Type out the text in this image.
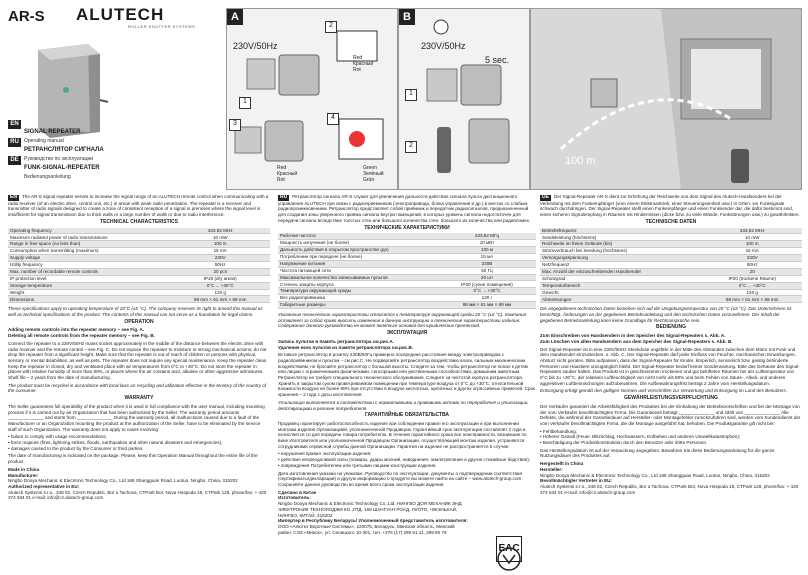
AR-S ALUTECH
ROLLER SHUTTER SYSTEMS
ENSIGNAL REPEATER
Operating manual
RUРЕТРАНСЛЯТОР СИГНАЛА
Руководство по эксплуатации
DEFUNK-SIGNAL-REPEATER
Bedienungsanleitung
A
230V/50Hz
2
1
3
4
Red
Красный
Rot
Red
Красный
Rot
Green
Зелёный
Grün
B
230V/50Hz
5 sec.
1
2
100 m

EN The AR-S signal repeater serves to increase the signal range of an ALUTECH remote control when communicating with a radio receiver (of an electric drive, control unit, etc.) in areas with weak radio penetration. The repeater is a receiver and transmitter of radio signals designed to create a zone of consistent reception of a signal in premises where the signal level is insufficient for signal transmission due to thick walls or a large number of walls or due to radio interference.

TECHNICAL CHARACTERISTICS
Operating frequency	433.92 MHz
Maximum radiated power of radio transmissions	10 mW
Range in free space (no less than)	100 m
Consumption when transmitting (maximum)	15 mA
Supply voltage	230V
Utility frequency	50Hz
Max. number of recordable remote controls	20 pcs
IP protection level	IP20 (dry areas)
Storage temperature	0°C ... +30°C
Weight	120 g
Dimensions	98 mm × 61 mm × 69 mm

These specifications apply to operating temperature of 20°C (±5 °C). The company reserves its right to amend this manual as well as technical specifications of the product. The contents of this manual can not serve as a foundation for legal claims.

OPERATION

Adding remote controls into the repeater memory – see Fig. A.

Deleting all remote controls from the repeater memory – see Fig. B.

Connect the repeater to a 230V/50Hz mains socket approximately in the middle of the distance between the electric drive with radio receiver and the remote control – see Fig. C. Do not expose the repeater to moisture or strong mechanical actions; do not drop the repeater from a significant height. Make sure that the repeater is out of reach of children or persons with physical, sensory or mental disabilities, as well as pets. The repeater does not require any special maintenance. Keep the repeater clean. Keep the repeater in closed, dry and ventilated place with air temperatures from 0°C to +30°C. Do not store the repeater in places with relative humidity of more than 80%, or places where the air contains acid, alkaline or other aggressive admixtures. Shelf life – 2 years from the date of manufacturing.

The product must be recycled in accordance with local laws on recycling and utilization effective in the territory of the country of the consumer.

WARRANTY

The Seller guarantees full operability of the product when it is used in full compliance with the user manual, including mounting process if it is carried out by an Organization that has been authorized by the Seller. The warranty period amounts ______________ and starts from ______________ During the warranty period, all malfunctions caused due to a fault of the Manufacturer or an Organization mounting the product at the authorization of the Seller, have to be eliminated by the service staff of such Organization. The warranty does not apply to cases involving:

• failure to comply with usage recommendations;

• force majeure (fires, lightning strikes, floods, earthquakes and other natural disasters and emergencies);

• damages caused to the product by the Consumer or third parties.

The date of manufacturing is indicated on the package. Please, keep this Operation Manual throughout the entire life of the product.

Made in China

Manufacturer:

Ningbo Dooya Mechanic & Electronic Technology Co., Ltd 168 Shangguan Road, Luotuo, Ningbo, China, 315202

Authorized representative in EU:

Alutech Systems s.r.o., 348 02, Czech Republic, Bor u Tachova, CTPark Bor, Nova Hospoda 19, CTPark 128, phone/fax: + 420 374 634 01 e-mail: info@cz.alutech-group.com

RU Ретранслятор сигнала AR-S служит для увеличения дальности действия сигнала пульта дистанционного управления ALUTECH при связи с радиоприёмником (электропривода, блока управления и др.) в местах со слабым радиопроникновением. Ретранслятор представляет собой приёмник и передатчик радиосигналов, предназначенный для создания зоны уверенного приёма сигнала внутри помещений, в которых уровень сигнала недостаточен для передачи сигнала вследствие толстых стен или большого количества стен, большого их количества или радиопомех.

ТЕХНИЧЕСКИЕ ХАРАКТЕРИСТИКИ
Рабочая частота	433,92 МГц
Мощность излучения (не более)	10 мВт
Дальность действия в открытом пространстве (до)	100 м
Потребление при передаче (не более)	15 мА
Напряжение питания	230В
Частота питающей сети	50 Гц
Максимальное количество записываемых пультов	20 шт
Степень защиты корпуса	IP20 (сухие помещения)
Температура окружающей среды	0°C ... +30°C
Вес радиоприёмника	120 г
Габаритные размеры	98 мм × 61 мм × 69 мм

Указанные технические характеристики относятся к температуре окружающей среды 20 °C (±5 °С). Компания оставляет за собой право вносить изменения в данную инструкцию и технические характеристики изделия. Содержание данного руководства не может являться основой для юридических претензий.

ЭКСПЛУАТАЦИЯ

Запись пультов в память ретранслятора см.рис.А.

Удаление всех пультов из памяти ретранслятора см.рис.B.

Вставьте ретранслятор в розетку 230В/50Гц примерно посередине расстояния между электроприводом с радиоприёмником и пультом – см.рис.С. Не подвергайте ретранслятор воздействию влаги, сильным механическим воздействиям, не бросайте ретранслятор с большой высоты. Следите за тем, чтобы ретранслятор не попал к детям или лицам с ограниченными физическими, сенсорными или умственными способностями, домашним животным. Ретранслятор не требует специального технического обслуживания. Следите за чистотой корпуса ретранслятора. Хранить в закрытом сухом проветриваемом помещении при температуре воздуха от 0°C до +30°C, относительной влажности воздуха не более 80% при отсутствии в воздухе кислотных, щелочных и других агрессивных примесей. Срок хранения – 2 года с даты изготовления.

Утилизация выполняется в соответствии с нормативными и правовыми актами по переработке и утилизации, действующими в регионе потребителя.

ГАРАНТИЙНЫЕ ОБЯЗАТЕЛЬСТВА

Продавец гарантирует работоспособность изделия при соблюдении правил его эксплуатации и при выполнении монтажа изделия Организацией, уполномоченной Продавцом. Гарантийный срок эксплуатации составляет 2 года и исчисляется со дня передачи товара потребителю. В течение гарантийного срока все неисправности, возникшие по вине Изготовителя или уполномоченной Продавцом Организации, осуществляющей монтаж изделия, устраняются сотрудниками сервисной службы данной Организации. Гарантия на изделие не распространяется в случае:

• нарушения правил эксплуатации изделия;

• действия непреодолимой силы (пожары, удары молний, наводнения, землетрясения и другие стихийные бедствия);

• повреждения Потребителем или третьими лицами конструкции изделия.

Дата изготовления указана на упаковке. Руководство по эксплуатации, документы о подтверждении соответствия (сертификаты/декларации) и другую информацию о продукте вы можете найти на сайте – www.alutech-group.com. Сохраняйте данное руководство во время всего срока эксплуатации изделия.

Сделано в Китае

Изготовитель:

Ningbo Dooya Mechanic & Electronic Technology Co.,Ltd. НИНГБО ДОЯ МЕХАНИК ЭНД ЭЛЕКТРОНИК ТЕХНОЛОДЖИ КО.,ЛТД. 168 ШАНГУАН РОАД, ЛУОТО, ЧЖЭНЬХАЙ, НИНГБО, КИТАЙ, 315202

Импортер в Республику Беларусь/ Уполномоченный представитель изготовителя:

ООО «Алютех Воротные Системы», 220075, Беларусь, Минская область, Минский район, СЭЗ «Минск», ул. Селицкого 10-301, тел. +375 (17) 299 61 11, 299 60 76

EAC

DE Der Signal-Repeater AR-S dient zur Erhöhung der Reichweite von dem Signal des Alutech-Handsenders bei der Verbindung mit dem Funkempfänger (vom einem Elektroantrieb, einer Steuerungseinheit usw.) in Orten, wo Funksignale schwach durchdringen. Der Signal-Repeater stellt einen Funkempfänger und einen Funksender dar, die dafür bestimmt sind, einen sicheren Signalempfang in Räumen mit Hindernissen (dicke bzw. zu viele Wände, Funkstörungen usw.) zu gewährleisten.

TECHNISCHE DATEN
Betriebsfrequenz	433,92 MHz
Sendeleistung (höchstens)	10 mW
Reichweite im freien Gelände (bis)	100 m
Stromverbrauch bei Sendung (höchstens)	15 mA
Versorgungsspannung	230V
Netzfrequenz	50Hz
Max. Anzahl der einzuschreibenden Handsender	20
Schutzgrad	IP20 (trockene Räume)
Temperaturbereich	0°C ... +30°C
Gewicht	120 g
Abmessungen	98 mm × 61 mm × 69 mm

Die angegebenen technischen Daten beziehen sich auf die Umgebungstemperatur von 20 °C (±5 °C). Das Unternehmen ist berechtigt, Änderungen an der gegebenen Betriebsanleitung und den technischen Daten vorzunehmen. Der Inhalt der gegebenen Betriebsanleitung kann keine Grundlage für Rechtsansprüche sein.

BEDIENUNG

Zum Einschreiben von Handsendern in den Speicher des Signal-Repeaters s. Abb. A.

Zum Löschen von allen Handsendern aus dem Speicher des Signal-Repeaters s. Abb. B.

Der Signal-Repeater ist in eine 230V/50Hz Steckdose ungefähr in der Mitte des Abstandes zwischen dem Motor mit Funk und dem Handsender einzustecken, s. Abb. C. Der Signal-Repeater darf jeder Einfluss von Feuchte, mechanischen Einwirkungen, Absturz nicht geraten. Bitte aufpassen, dass der Signal-Repeater für Kinder, körperlich, sensorisch bzw. geistig behinderte Personen und Haustiere unzugänglich bleibt. Der Signal-Repeater bedarf keiner Sonderwartung. Bitte das Gehäuse des Signal-Repeaters sauber halten. Das Produkt ist in geschlossenen trockenen und gut belüfteten Räumen bei der Lufttemperatur von 0°C bis zu +30°C, der relativen Luftfeuchtigkeit von nicht mehr als 80% und beim Fehlen von Säure-, Alkali- und anderen aggressiven Luftbeimischungen aufzubewahren. Die Aufbewahrungsfrist beträgt 2 Jahre vom Herstellungsdatum.

Entsorgung erfolgt gemäß den gültigen Normen und Vorschriften zur Verwertung und Entsorgung im Land des Benutzers.

GEWÄHRLEISTUNGSVERPFLICHTUNG

Der Verkäufer garantiert die Arbeitsfähigkeit des Produktes bei der Einhaltung der Betriebsvorschriften und bei der Montage von der vom Verkäufer bevollmächtigten Firma. Die Garantiezeit beträgt ______________ und zählt von ______________ Alle Defekte, die während der Garantiedauer auf Hersteller- oder Montagefehler zurückzuführen sind, werden vom Kundendienst der vom Verkäufer bevollmächtigten Firma, die die Montage ausgeführt hat, behoben. Die Produktgarantie gilt nicht bei:

• Fehlbehandlung;

• Höherer Gewalt (Feuer, Blitzschlag, Hochwassern, Erdbeben und anderen Umweltkatastrophen);

• Beschädigung der Produktkonstruktion durch den Benutzer oder dritte Personen.

Das Herstellungsdatum ist auf der Verpackung angegeben. Bewahren Sie diese Bedienungsanleitung für die ganze Nutzungsdauer des Produktes auf.

Hergestellt in China

Hersteller:

Ningbo Dooya Mechanic & Electronic Technology Co., Ltd 168 Shangguan Road, Luotuo, Ningbo, China, 315202

Bevollmächtigter Vertreter in EU:

Alutech Systems s.r.o., 348 02, Czech Republic, Bor u Tachova, CTPark Bor, Nova Hospoda 19, CTPark 128, phone/fax: + 420 374 634 01 e-mail: info@cz.alutech-group.com
